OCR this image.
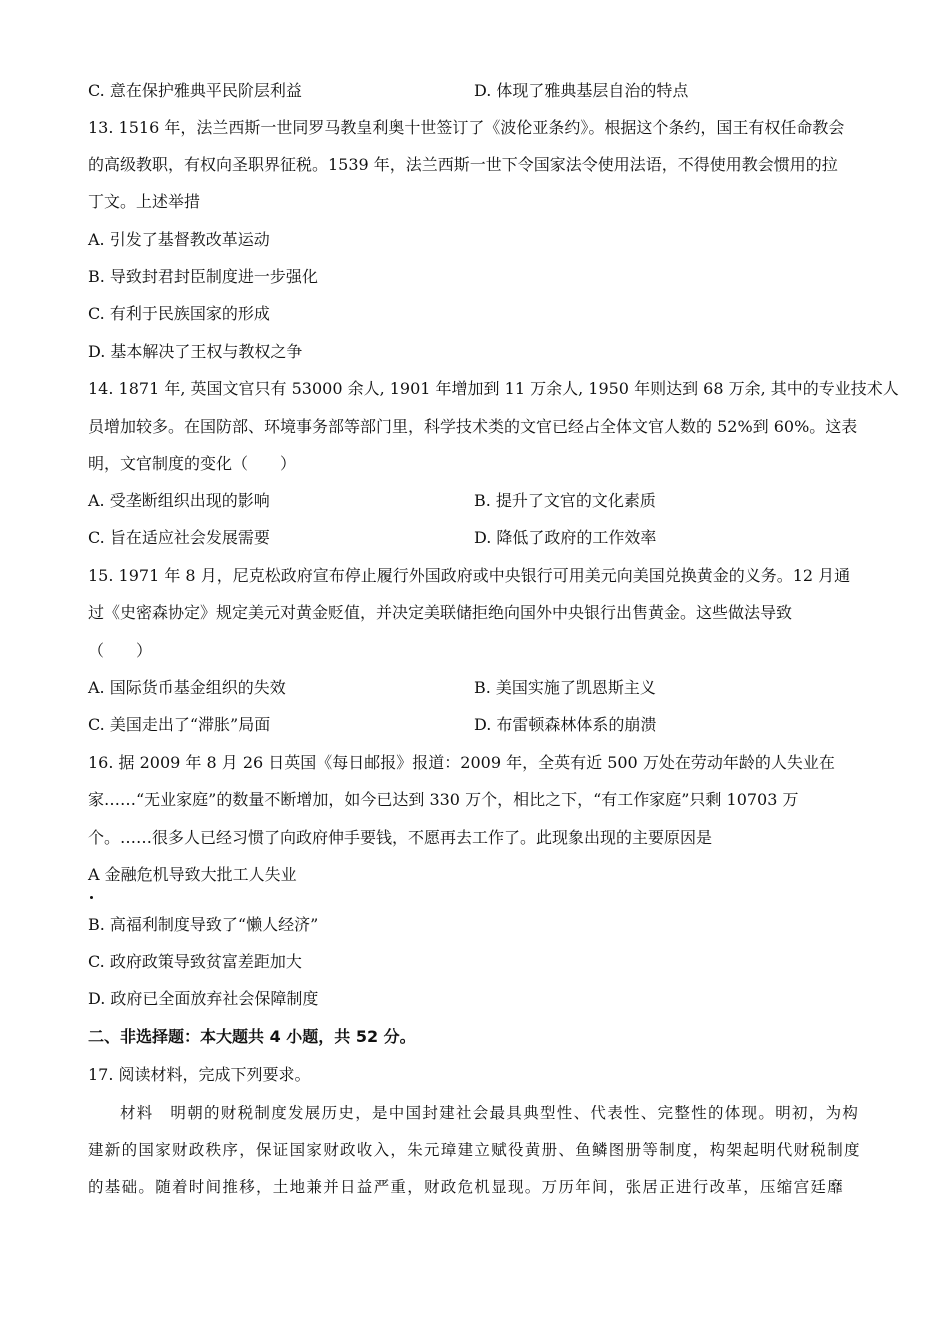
C. 意在保护雅典平民阶层利益	D. 体现了雅典基层自治的特点
13. 1516 年，法兰西斯一世同罗马教皇利奥十世签订了《波伦亚条约》。根据这个条约，国王有权任命教会
的高级教职，有权向圣职界征税。1539 年，法兰西斯一世下令国家法令使用法语，不得使用教会惯用的拉
丁文。上述举措
A. 引发了基督教改革运动
B. 导致封君封臣制度进一步强化
C. 有利于民族国家的形成
D. 基本解决了王权与教权之争
14. 1871 年, 英国文官只有 53000 余人, 1901 年增加到 11 万余人, 1950 年则达到 68 万余, 其中的专业技术人
员增加较多。在国防部、环境事务部等部门里，科学技术类的文官已经占全体文官人数的 52%到 60%。这表
明，文官制度的变化（　　）
A. 受垄断组织出现的影响	B. 提升了文官的文化素质
C. 旨在适应社会发展需要	D. 降低了政府的工作效率
15. 1971 年 8 月，尼克松政府宣布停止履行外国政府或中央银行可用美元向美国兑换黄金的义务。12 月通
过《史密森协定》规定美元对黄金贬值，并决定美联储拒绝向国外中央银行出售黄金。这些做法导致
（　　）
A. 国际货币基金组织的失效	B. 美国实施了凯恩斯主义
C. 美国走出了“滞胀”局面	D. 布雷顿森林体系的崩溃
16. 据 2009 年 8 月 26 日英国《每日邮报》报道：2009 年，全英有近 500 万处在劳动年龄的人失业在
家……“无业家庭”的数量不断增加，如今已达到 330 万个，相比之下，“有工作家庭”只剩 10703 万
个。……很多人已经习惯了向政府伸手要钱，不愿再去工作了。此现象出现的主要原因是
A 金融危机导致大批工人失业
B. 高福利制度导致了“懒人经济”
C. 政府政策导致贫富差距加大
D. 政府已全面放弃社会保障制度
二、非选择题：本大题共 4 小题，共 52 分。
17. 阅读材料，完成下列要求。
材料　明朝的财税制度发展历史，是中国封建社会最具典型性、代表性、完整性的体现。明初，为构
建新的国家财政秩序，保证国家财政收入，朱元璋建立赋役黄册、鱼鳞图册等制度，构架起明代财税制度
的基础。随着时间推移，土地兼并日益严重，财政危机显现。万历年间，张居正进行改革，压缩宫廷靡
